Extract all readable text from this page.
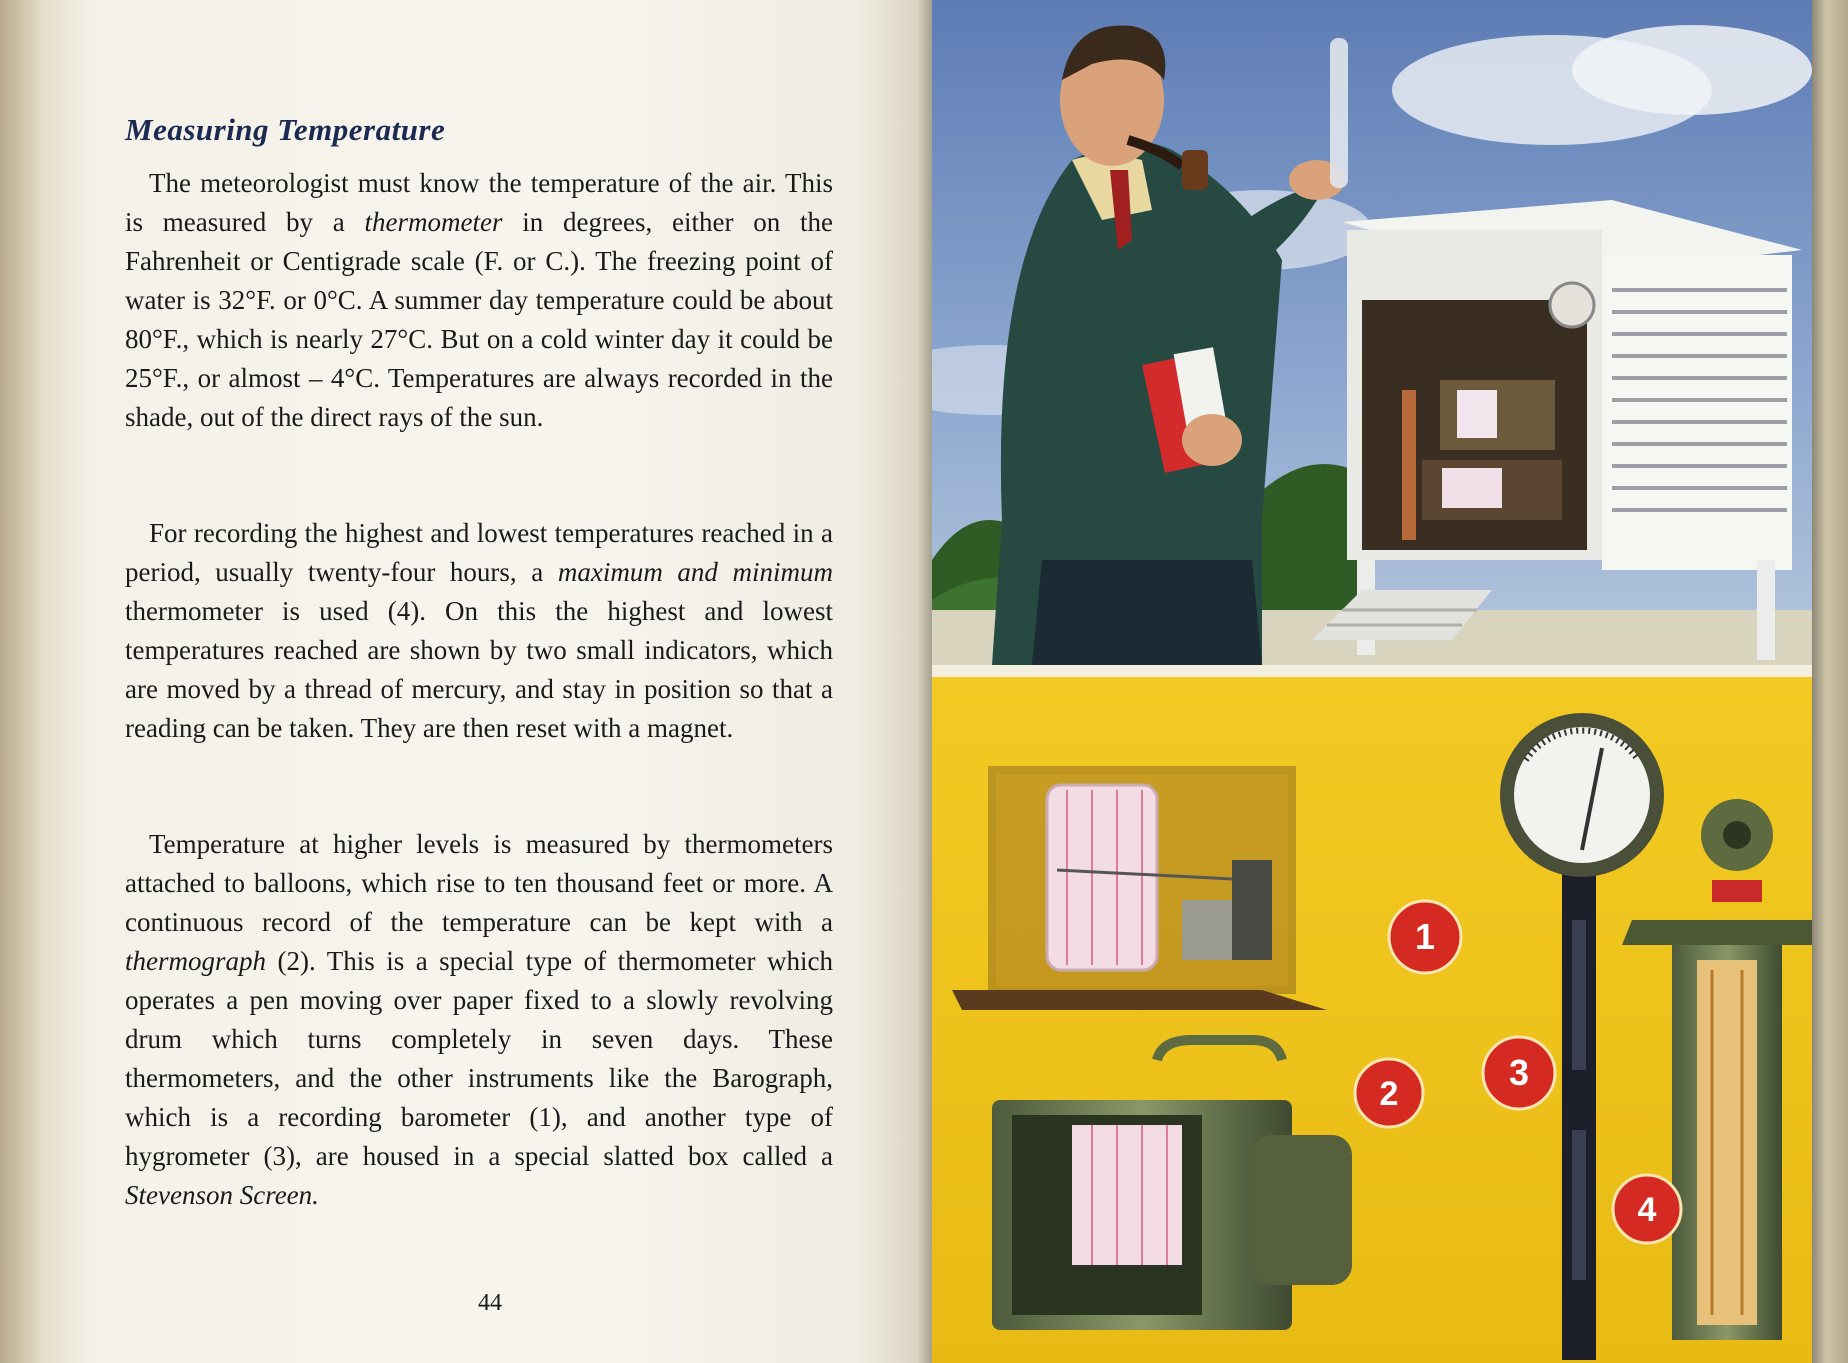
Measuring Temperature

The meteorologist must know the temperature of the air. This is measured by a thermometer in degrees, either on the Fahrenheit or Centigrade scale (F. or C.). The freezing point of water is 32°F. or 0°C. A summer day temperature could be about 80°F., which is nearly 27°C. But on a cold winter day it could be 25°F., or almost – 4°C. Temperatures are always recorded in the shade, out of the direct rays of the sun.

For recording the highest and lowest temperatures reached in a period, usually twenty-four hours, a maximum and minimum thermometer is used (4). On this the highest and lowest temperatures reached are shown by two small indicators, which are moved by a thread of mercury, and stay in position so that a reading can be taken. They are then reset with a magnet.

Temperature at higher levels is measured by thermometers attached to balloons, which rise to ten thousand feet or more. A continuous record of the temperature can be kept with a thermograph (2). This is a special type of thermometer which operates a pen moving over paper fixed to a slowly revolving drum which turns completely in seven days. These thermometers, and the other instruments like the Barograph, which is a recording barometer (1), and another type of hygrometer (3), are housed in a special slatted box called a Stevenson Screen.

44
1
2
3
4
